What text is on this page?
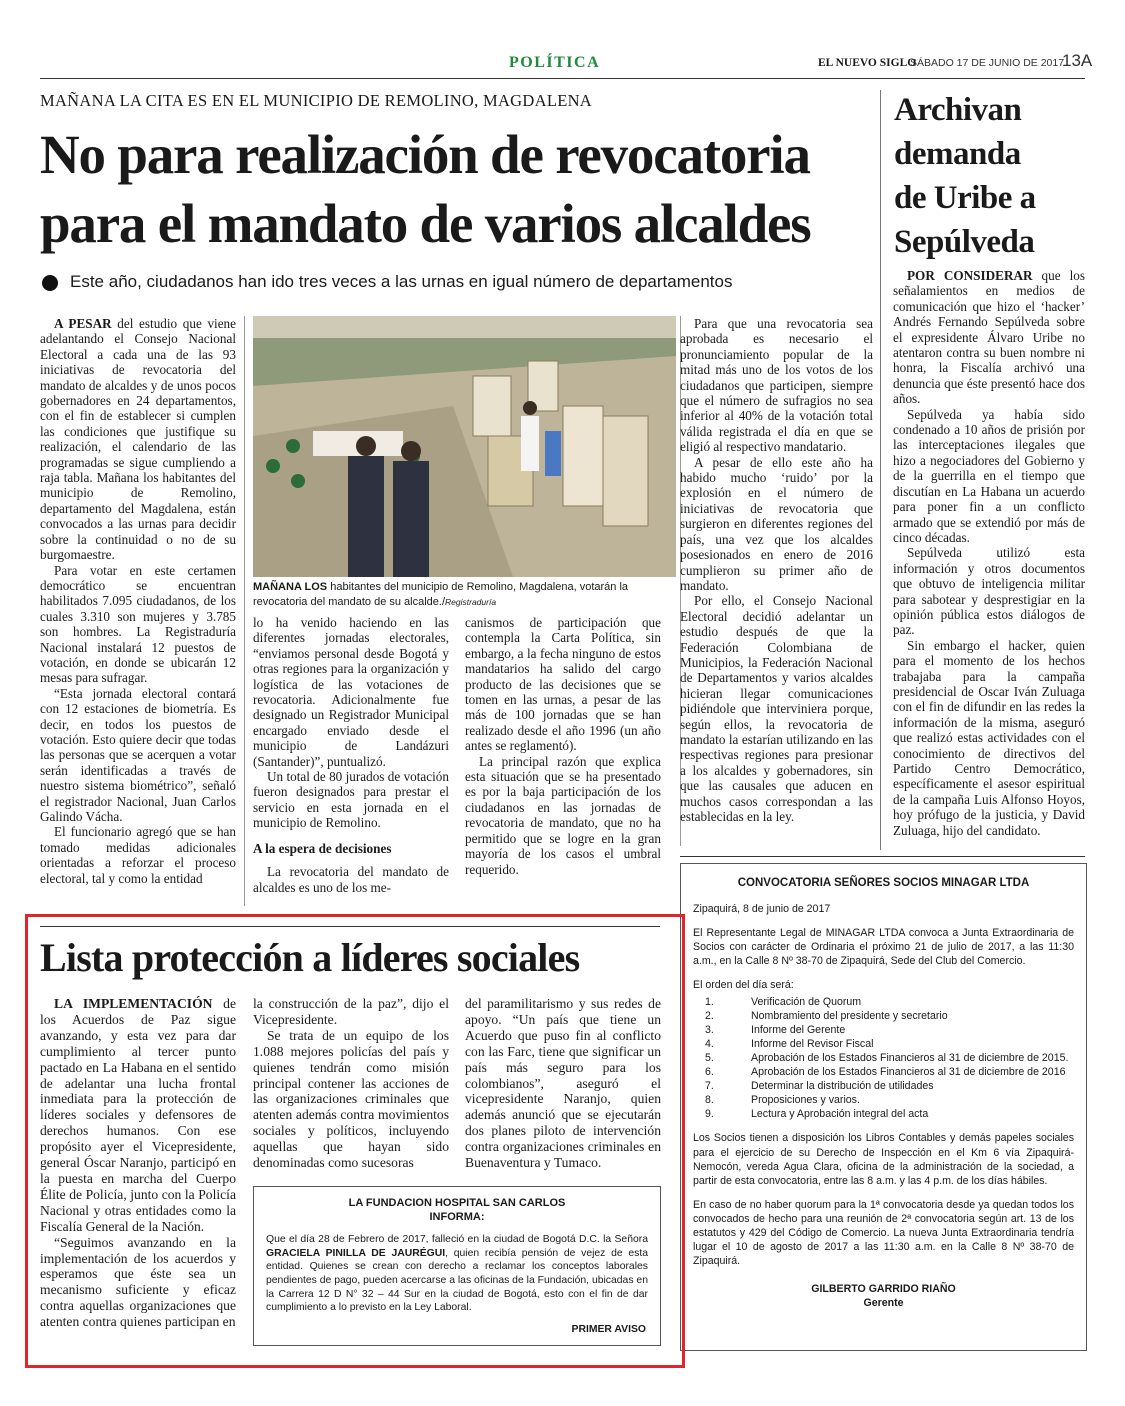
POLÍTICA	EL NUEVO SIGLO
SÁBADO 17 DE JUNIO DE 2017
13A
MAÑANA LA CITA ES EN EL MUNICIPIO DE REMOLINO, MAGDALENA
No para realización de revocatoria
para el mandato de varios alcaldes
Este año, ciudadanos han ido tres veces a las urnas en igual número de departamentos
MAÑANA LOS habitantes del municipio de Remolino, Magdalena, votarán la revocatoria del mandato de su alcalde./Registraduría

A PESAR del estudio que viene adelantando el Consejo Nacional Electoral a cada una de las 93 iniciativas de revocatoria del mandato de alcaldes y de unos pocos gobernadores en 24 departamentos, con el fin de establecer si cumplen las condiciones que justifique su realización, el calendario de las programadas se sigue cumpliendo a raja tabla. Mañana los habitantes del municipio de Remolino, departamento del Magdalena, están convocados a las urnas para decidir sobre la continuidad o no de su burgomaestre.

Para votar en este certamen democrático se encuentran habilitados 7.095 ciudadanos, de los cuales 3.310 son mujeres y 3.785 son hombres. La Registraduría Nacional instalará 12 puestos de votación, en donde se ubicarán 12 mesas para sufragar.

“Esta jornada electoral contará con 12 estaciones de biometría. Es decir, en todos los puestos de votación. Esto quiere decir que todas las personas que se acerquen a votar serán identificadas a través de nuestro sistema biométrico”, señaló el registrador Nacional, Juan Carlos Galindo Vácha.

El funcionario agregó que se han tomado medidas adicionales orientadas a reforzar el proceso electoral, tal y como la entidad

lo ha venido haciendo en las diferentes jornadas electorales, “enviamos personal desde Bogotá y otras regiones para la organización y logística de las votaciones de revocatoria. Adicionalmente fue designado un Registrador Municipal encargado enviado desde el municipio de Landázuri (Santander)”, puntualizó.

Un total de 80 jurados de votación fueron designados para prestar el servicio en esta jornada en el municipio de Remolino.

A la espera de decisiones

La revocatoria del mandato de alcaldes es uno de los me-

canismos de participación que contempla la Carta Política, sin embargo, a la fecha ninguno de estos mandatarios ha salido del cargo producto de las decisiones que se tomen en las urnas, a pesar de las más de 100 jornadas que se han realizado desde el año 1996 (un año antes se reglamentó).

La principal razón que explica esta situación que se ha presentado es por la baja participación de los ciudadanos en las jornadas de revocatoria de mandato, que no ha permitido que se logre en la gran mayoría de los casos el umbral requerido.

Para que una revocatoria sea aprobada es necesario el pronunciamiento popular de la mitad más uno de los votos de los ciudadanos que participen, siempre que el número de sufragios no sea inferior al 40% de la votación total válida registrada el día en que se eligió al respectivo mandatario.

A pesar de ello este año ha habido mucho ‘ruido’ por la explosión en el número de iniciativas de revocatoria que surgieron en diferentes regiones del país, una vez que los alcaldes posesionados en enero de 2016 cumplieron su primer año de mandato.

Por ello, el Consejo Nacional Electoral decidió adelantar un estudio después de que la Federación Colombiana de Municipios, la Federación Nacional de Departamentos y varios alcaldes hicieran llegar comunicaciones pidiéndole que interviniera porque, según ellos, la revocatoria de mandato la estarían utilizando en las respectivas regiones para presionar a los alcaldes y gobernadores, sin que las causales que aducen en muchos casos correspondan a las establecidas en la ley.

Archivan
demanda
de Uribe a
Sepúlveda

POR CONSIDERAR que los señalamientos en medios de comunicación que hizo el ‘hacker’ Andrés Fernando Sepúlveda sobre el expresidente Álvaro Uribe no atentaron contra su buen nombre ni honra, la Fiscalía archivó una denuncia que éste presentó hace dos años.

Sepúlveda ya había sido condenado a 10 años de prisión por las interceptaciones ilegales que hizo a negociadores del Gobierno y de la guerrilla en el tiempo que discutían en La Habana un acuerdo para poner fin a un conflicto armado que se extendió por más de cinco décadas.

Sepúlveda utilizó esta información y otros documentos que obtuvo de inteligencia militar para sabotear y desprestigiar en la opinión pública estos diálogos de paz.

Sin embargo el hacker, quien para el momento de los hechos trabajaba para la campaña presidencial de Oscar Iván Zuluaga con el fin de difundir en las redes la información de la misma, aseguró que realizó estas actividades con el conocimiento de directivos del Partido Centro Democrático, específicamente el asesor espiritual de la campaña Luis Alfonso Hoyos, hoy prófugo de la justicia, y David Zuluaga, hijo del candidato.

CONVOCATORIA SEÑORES SOCIOS MINAGAR LTDA

Zipaquirá, 8 de junio de 2017

El Representante Legal de MINAGAR LTDA convoca a Junta Extraordinaria de Socios con carácter de Ordinaria el próximo 21 de julio de 2017, a las 11:30 a.m., en la Calle 8 Nº 38-70 de Zipaquirá, Sede del Club del Comercio.

El orden del día será:
1.	Verificación de Quorum
2.	Nombramiento del presidente y secretario
3.	Informe del Gerente
4.	Informe del Revisor Fiscal
5.	Aprobación de los Estados Financieros al 31 de diciembre de 2015.
6.	Aprobación de los Estados Financieros al 31 de diciembre de 2016
7.	Determinar la distribución de utilidades
8.	Proposiciones y varios.
9.	Lectura y Aprobación integral del acta

Los Socios tienen a disposición los Libros Contables y demás papeles sociales para el ejercicio de su Derecho de Inspección en el Km 6 vía Zipaquirá-Nemocón, vereda Agua Clara, oficina de la administración de la sociedad, a partir de esta convocatoria, entre las 8 a.m. y las 4 p.m. de los días hábiles.

En caso de no haber quorum para la 1ª convocatoria desde ya quedan todos los convocados de hecho para una reunión de 2ª convocatoria según art. 13 de los estatutos y 429 del Código de Comercio. La nueva Junta Extraordinaria tendría lugar el 10 de agosto de 2017 a las 11:30 a.m. en la Calle 8 Nº 38-70 de Zipaquirá.

GILBERTO GARRIDO RIAÑO
Gerente
Lista protección a líderes sociales

LA IMPLEMENTACIÓN de los Acuerdos de Paz sigue avanzando, y esta vez para dar cumplimiento al tercer punto pactado en La Habana en el sentido de adelantar una lucha frontal inmediata para la protección de líderes sociales y defensores de derechos humanos. Con ese propósito ayer el Vicepresidente, general Óscar Naranjo, participó en la puesta en marcha del Cuerpo Élite de Policía, junto con la Policía Nacional y otras entidades como la Fiscalía General de la Nación.

“Seguimos avanzando en la implementación de los acuerdos y esperamos que éste sea un mecanismo suficiente y eficaz contra aquellas organizaciones que atenten contra quienes participan en

la construcción de la paz”, dijo el Vicepresidente.

Se trata de un equipo de los 1.088 mejores policías del país y quienes tendrán como misión principal contener las acciones de las organizaciones criminales que atenten además contra movimientos sociales y políticos, incluyendo aquellas que hayan sido denominadas como sucesoras

del paramilitarismo y sus redes de apoyo. “Un país que tiene un Acuerdo que puso fin al conflicto con las Farc, tiene que significar un país más seguro para los colombianos”, aseguró el vicepresidente Naranjo, quien además anunció que se ejecutarán dos planes piloto de intervención contra organizaciones criminales en Buenaventura y Tumaco.

LA FUNDACION HOSPITAL SAN CARLOS
INFORMA:
Que el día 28 de Febrero de 2017, falleció en la ciudad de Bogotá D.C. la Señora GRACIELA PINILLA DE JAURÉGUI, quien recibía pensión de vejez de esta entidad. Quienes se crean con derecho a reclamar los conceptos laborales pendientes de pago, pueden acercarse a las oficinas de la Fundación, ubicadas en la Carrera 12 D N° 32 – 44 Sur en la ciudad de Bogotá, esto con el fin de dar cumplimiento a lo previsto en la Ley Laboral.
PRIMER AVISO
